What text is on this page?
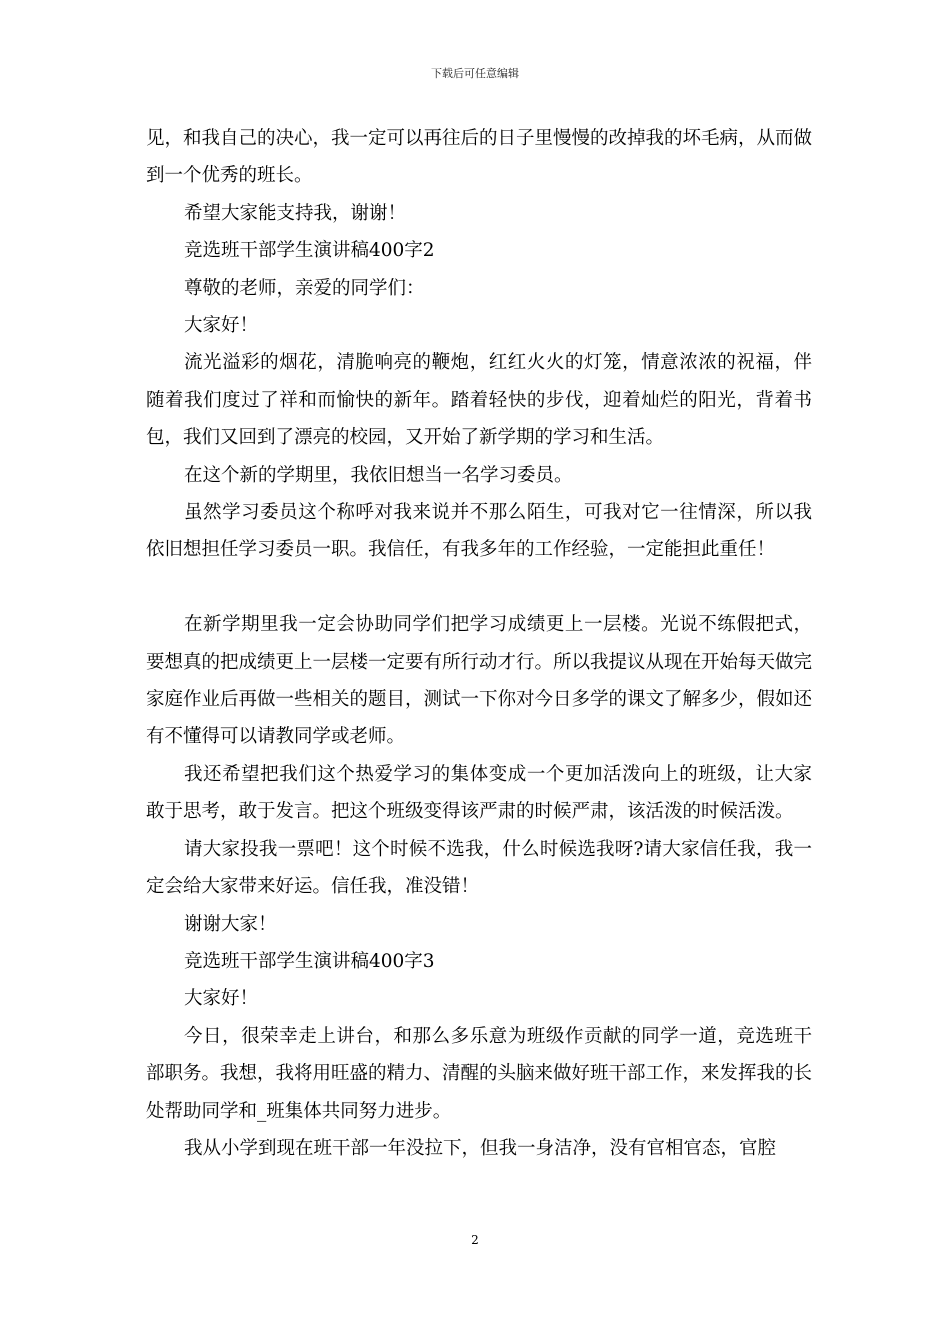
下载后可任意编辑

见，和我自己的决心，我一定可以再往后的日子里慢慢的改掉我的坏毛病，从而做到一个优秀的班长。

希望大家能支持我，谢谢！

竞选班干部学生演讲稿400字2

尊敬的老师，亲爱的同学们：

大家好！

流光溢彩的烟花，清脆响亮的鞭炮，红红火火的灯笼，情意浓浓的祝福，伴随着我们度过了祥和而愉快的新年。踏着轻快的步伐，迎着灿烂的阳光，背着书包，我们又回到了漂亮的校园，又开始了新学期的学习和生活。

在这个新的学期里，我依旧想当一名学习委员。

虽然学习委员这个称呼对我来说并不那么陌生，可我对它一往情深，所以我依旧想担任学习委员一职。我信任，有我多年的工作经验，一定能担此重任！

在新学期里我一定会协助同学们把学习成绩更上一层楼。光说不练假把式，要想真的把成绩更上一层楼一定要有所行动才行。所以我提议从现在开始每天做完家庭作业后再做一些相关的题目，测试一下你对今日多学的课文了解多少，假如还有不懂得可以请教同学或老师。

我还希望把我们这个热爱学习的集体变成一个更加活泼向上的班级，让大家敢于思考，敢于发言。把这个班级变得该严肃的时候严肃，该活泼的时候活泼。

请大家投我一票吧！这个时候不选我，什么时候选我呀?请大家信任我，我一定会给大家带来好运。信任我，准没错！

谢谢大家！

竞选班干部学生演讲稿400字3

大家好！

今日，很荣幸走上讲台，和那么多乐意为班级作贡献的同学一道，竞选班干部职务。我想，我将用旺盛的精力、清醒的头脑来做好班干部工作，来发挥我的长处帮助同学和_班集体共同努力进步。

我从小学到现在班干部一年没拉下，但我一身洁净，没有官相官态，官腔

2
